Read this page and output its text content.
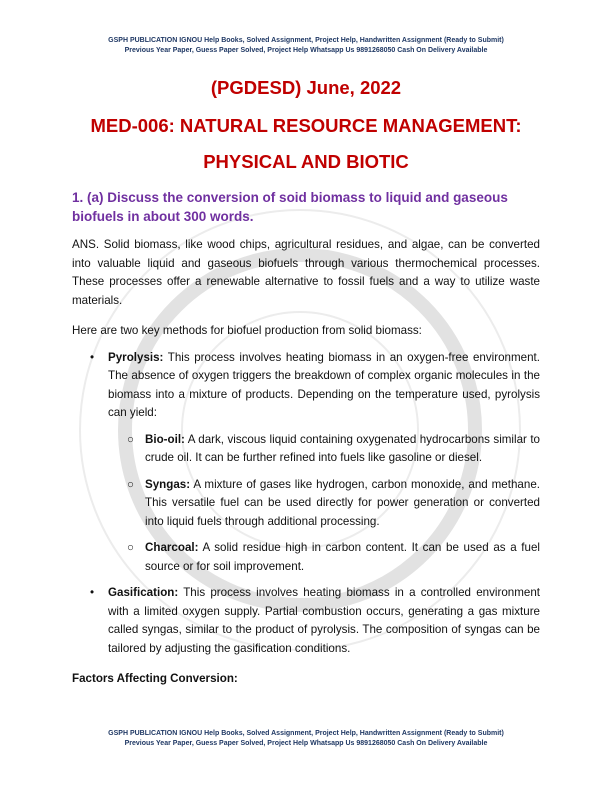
GSPH PUBLICATION IGNOU Help Books, Solved Assignment, Project Help, Handwritten Assignment (Ready to Submit)
Previous Year Paper, Guess Paper Solved, Project Help Whatsapp Us 9891268050 Cash On Delivery Available
(PGDESD) June, 2022
MED-006: NATURAL RESOURCE MANAGEMENT:
PHYSICAL AND BIOTIC
1. (a) Discuss the conversion of soid biomass to liquid and gaseous biofuels in about 300 words.
ANS. Solid biomass, like wood chips, agricultural residues, and algae, can be converted into valuable liquid and gaseous biofuels through various thermochemical processes. These processes offer a renewable alternative to fossil fuels and a way to utilize waste materials.
Here are two key methods for biofuel production from solid biomass:
• Pyrolysis: This process involves heating biomass in an oxygen-free environment. The absence of oxygen triggers the breakdown of complex organic molecules in the biomass into a mixture of products. Depending on the temperature used, pyrolysis can yield:
○ Bio-oil: A dark, viscous liquid containing oxygenated hydrocarbons similar to crude oil. It can be further refined into fuels like gasoline or diesel.
○ Syngas: A mixture of gases like hydrogen, carbon monoxide, and methane. This versatile fuel can be used directly for power generation or converted into liquid fuels through additional processing.
○ Charcoal: A solid residue high in carbon content. It can be used as a fuel source or for soil improvement.
• Gasification: This process involves heating biomass in a controlled environment with a limited oxygen supply. Partial combustion occurs, generating a gas mixture called syngas, similar to the product of pyrolysis. The composition of syngas can be tailored by adjusting the gasification conditions.
Factors Affecting Conversion:
GSPH PUBLICATION IGNOU Help Books, Solved Assignment, Project Help, Handwritten Assignment (Ready to Submit)
Previous Year Paper, Guess Paper Solved, Project Help Whatsapp Us 9891268050 Cash On Delivery Available
